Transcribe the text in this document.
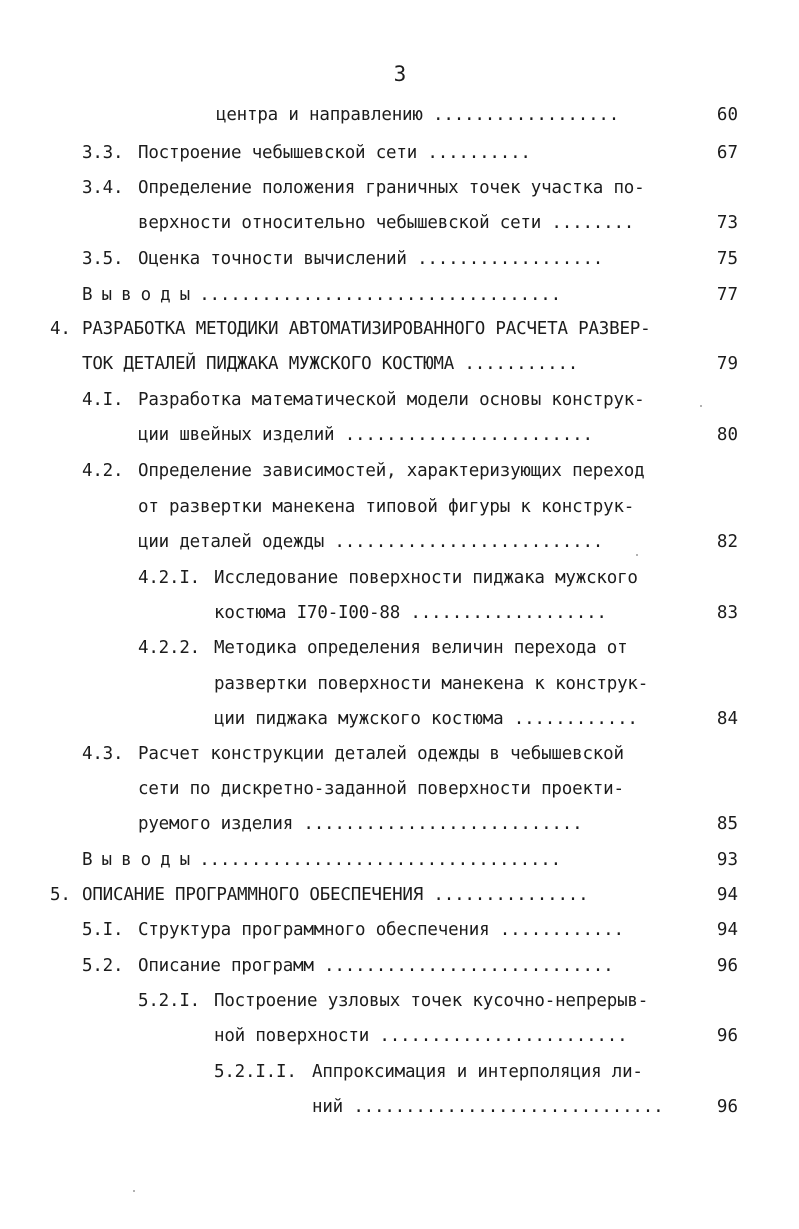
3
центра и направлению ..................	60
3.3. Построение чебышевской сети ..........	67
3.4. Определение положения граничных точек участка по-
верхности относительно чебышевской сети ........	73
3.5. Оценка точности вычислений ..................	75
Выводы...................................	77
4. РАЗРАБОТКА МЕТОДИКИ АВТОМАТИЗИРОВАННОГО РАСЧЕТА РАЗВЕР-
ТОК ДЕТАЛЕЙ ПИДЖАКА МУЖСКОГО КОСТЮМА ...........	79
4.I. Разработка математической модели основы конструк-
ции швейных изделий ........................	80
4.2. Определение зависимостей, характеризующих переход
от развертки манекена типовой фигуры к конструк-
ции деталей одежды ..........................	82
4.2.I. Исследование поверхности пиджака мужского
костюма I70-I00-88 ...................	83
4.2.2. Методика определения величин перехода от
развертки поверхности манекена к конструк-
ции пиджака мужского костюма ............	84
4.3. Расчет конструкции деталей одежды в чебышевской
сети по дискретно-заданной поверхности проекти-
руемого изделия ...........................	85
Выводы...................................	93
5. ОПИСАНИЕ ПРОГРАММНОГО ОБЕСПЕЧЕНИЯ ...............	94
5.I. Структура программного обеспечения ............	94
5.2. Описание программ ............................	96
5.2.I. Построение узловых точек кусочно-непрерыв-
ной поверхности ........................	96
5.2.I.I. Аппроксимация и интерполяция ли-
ний ..............................	96
